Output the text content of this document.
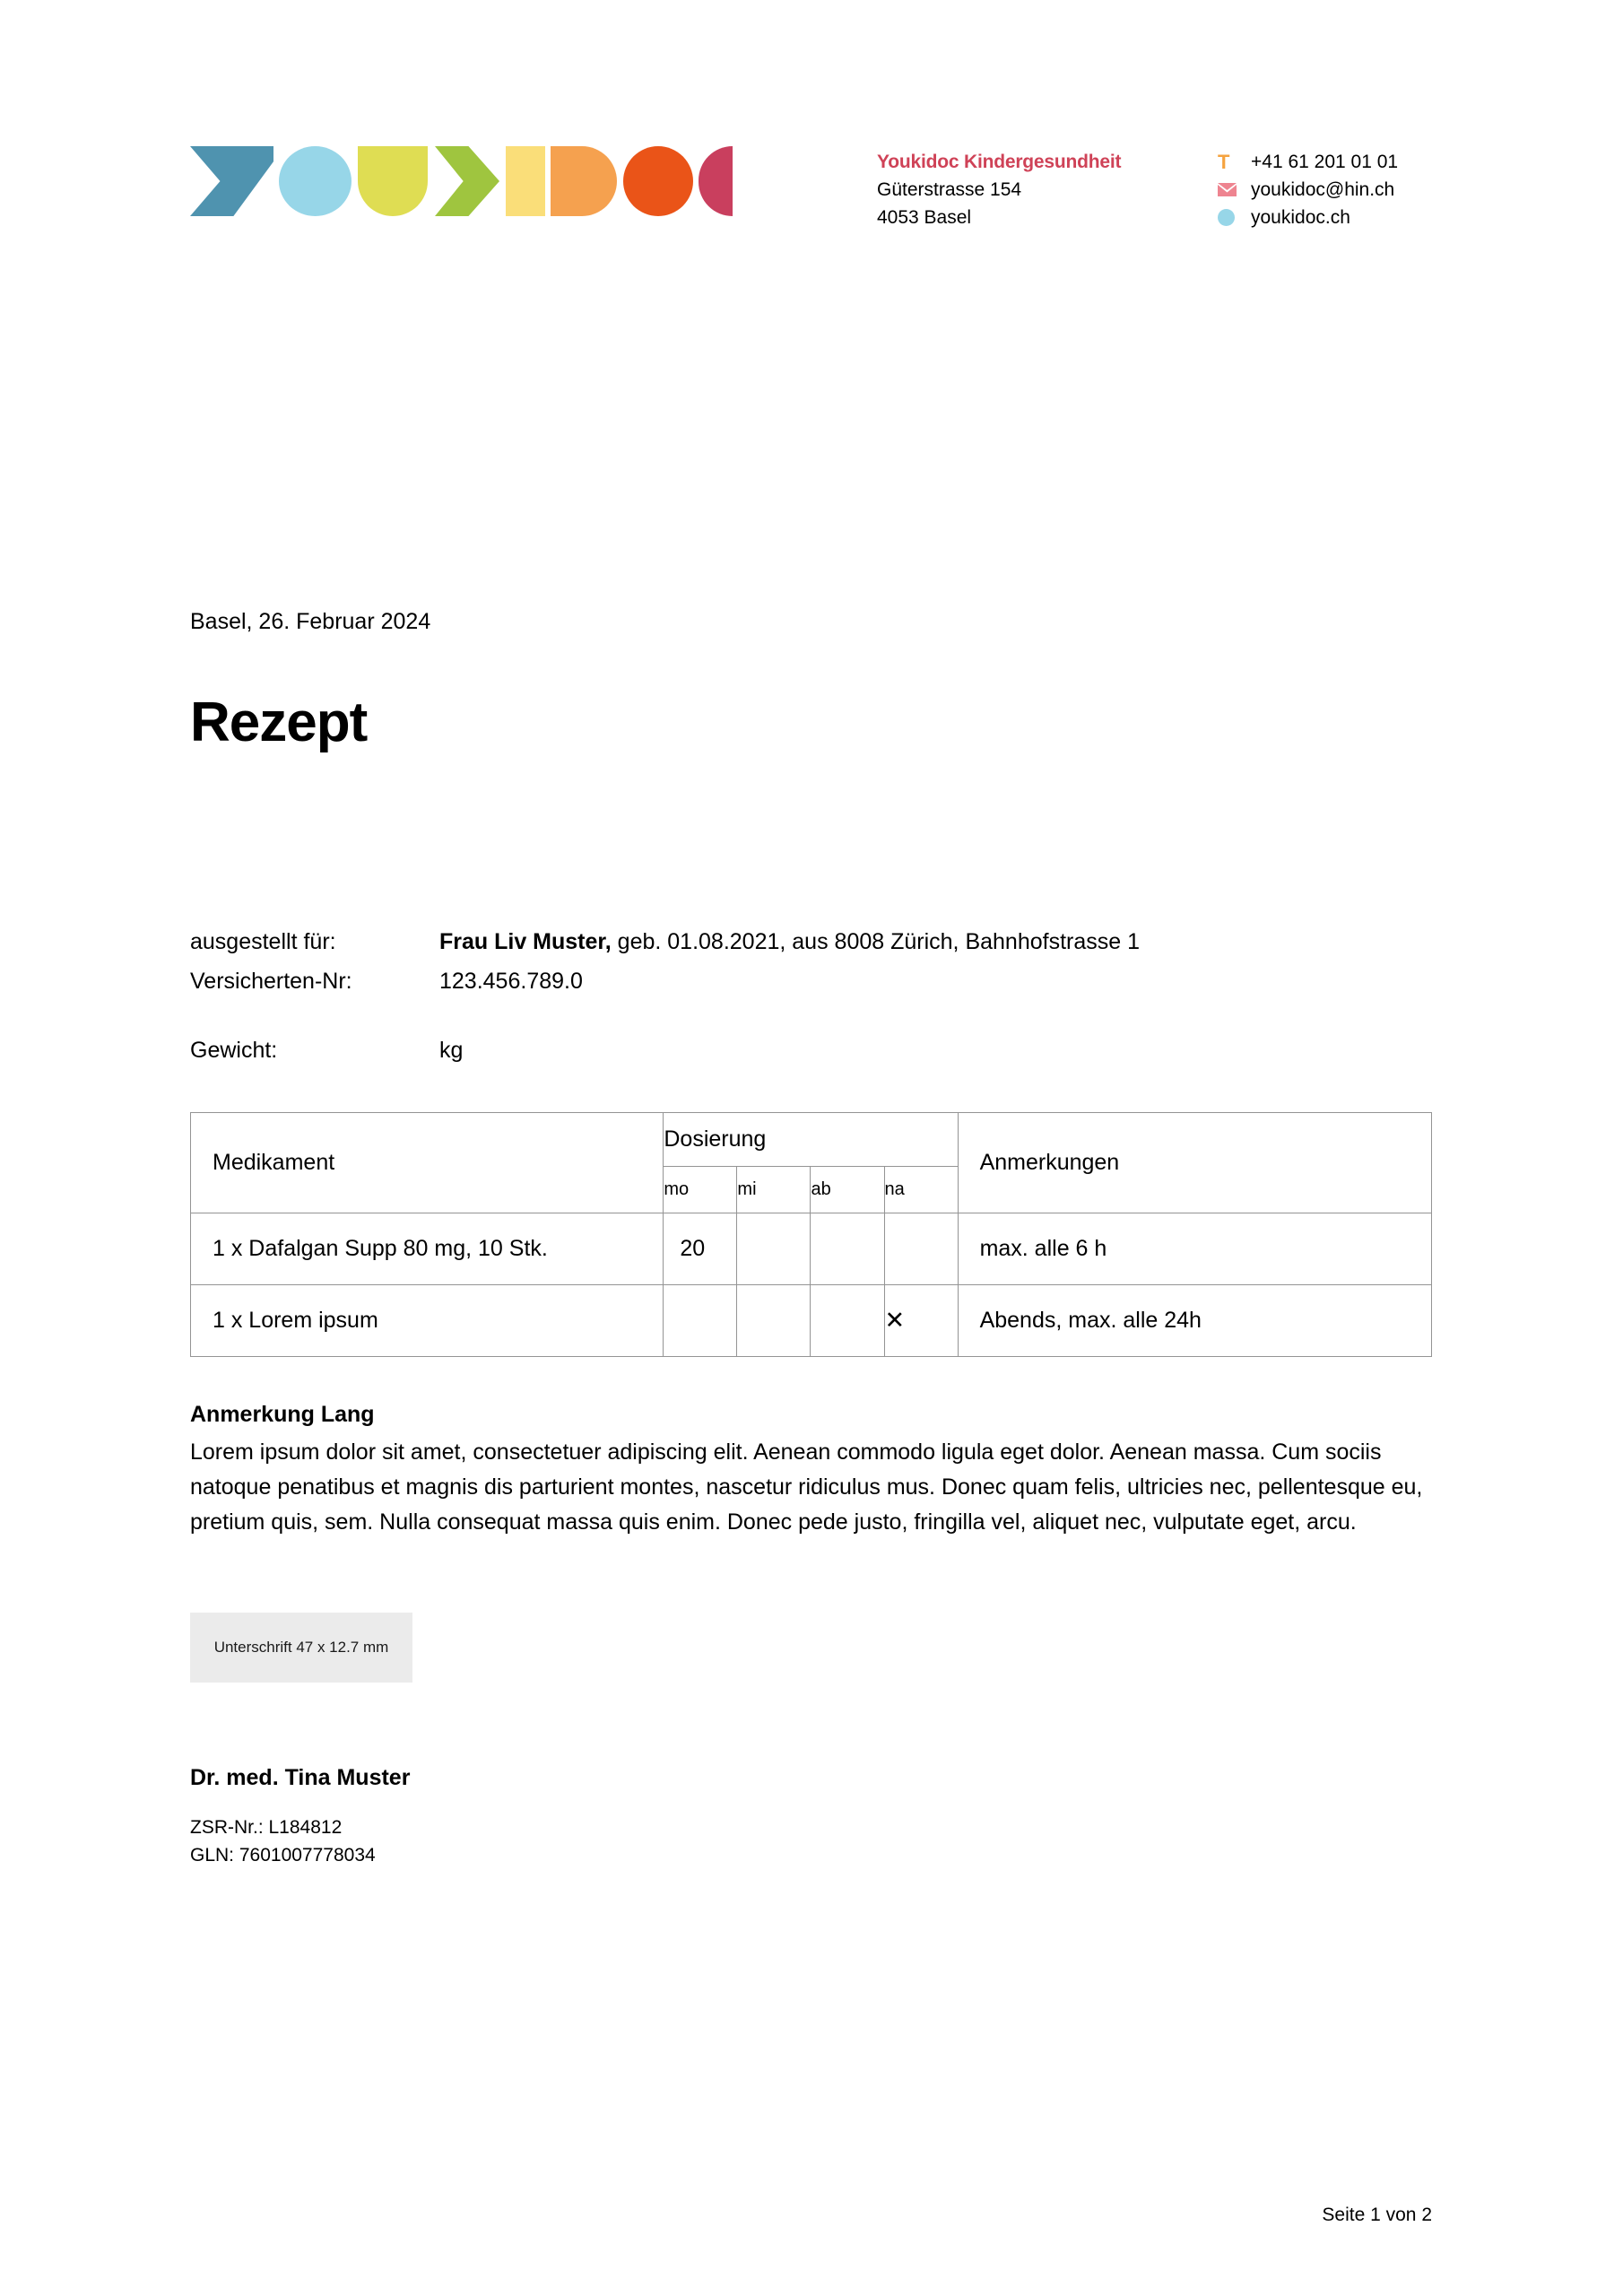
Youkidoc Kindergesundheit
Güterstrasse 154
4053 Basel
T +41 61 201 01 01
youkidoc@hin.ch
youkidoc.ch
Basel, 26. Februar 2024
Rezept
ausgestellt für:	Frau Liv Muster, geb. 01.08.2021, aus 8008 Zürich, Bahnhofstrasse 1
Versicherten-Nr:	123.456.789.0
Gewicht:	kg
Medikament	Dosierung				Anmerkungen
	mo	mi	ab	na	
1 x Dafalgan Supp 80 mg, 10 Stk.	20				max. alle 6 h
1 x Lorem ipsum				✕	Abends, max. alle 24h
Anmerkung Lang
Lorem ipsum dolor sit amet, consectetuer adipiscing elit. Aenean commodo ligula eget dolor. Aenean massa. Cum sociis natoque penatibus et magnis dis parturient montes, nascetur ridiculus mus. Donec quam felis, ultricies nec, pellentesque eu, pretium quis, sem. Nulla consequat massa quis enim. Donec pede justo, fringilla vel, aliquet nec, vulputate eget, arcu.
Unterschrift 47 x 12.7 mm
Dr. med. Tina Muster
ZSR-Nr.: L184812
GLN: 7601007778034
Seite 1 von 2
